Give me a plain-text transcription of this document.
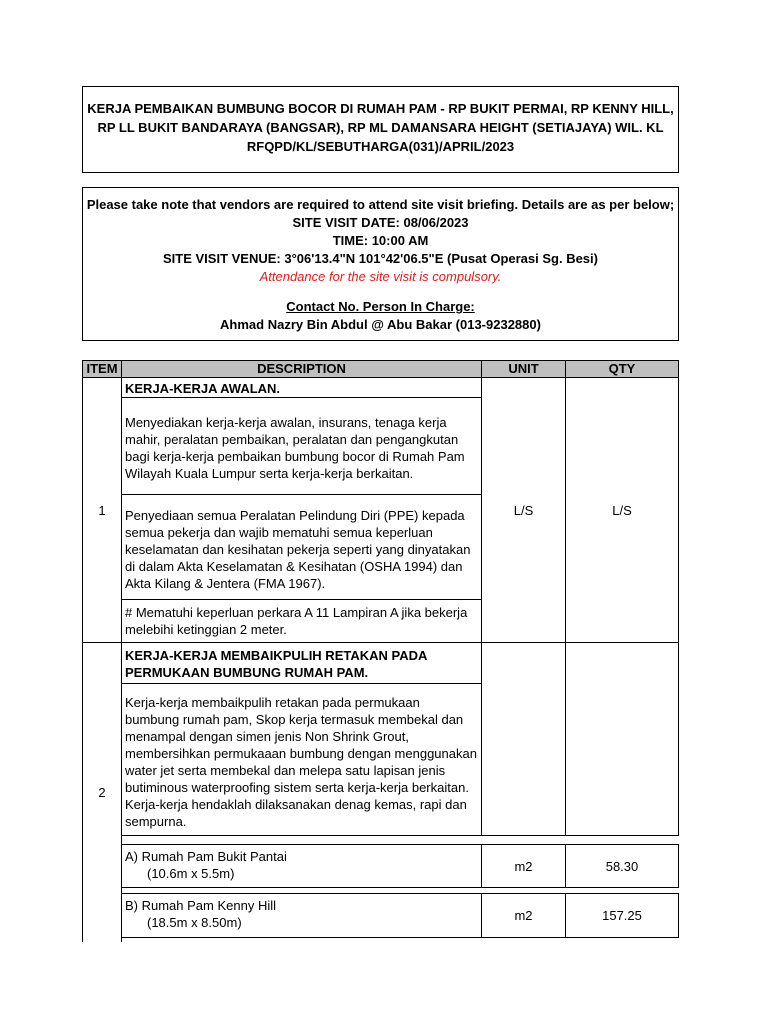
KERJA PEMBAIKAN BUMBUNG BOCOR DI RUMAH PAM - RP BUKIT PERMAI, RP KENNY HILL,
RP LL BUKIT BANDARAYA (BANGSAR), RP ML DAMANSARA HEIGHT (SETIAJAYA) WIL. KL
RFQPD/KL/SEBUTHARGA(031)/APRIL/2023
Please take note that vendors are required to attend site visit briefing. Details are as per below;
SITE VISIT DATE: 08/06/2023
TIME: 10:00 AM
SITE VISIT VENUE: 3°06'13.4"N 101°42'06.5"E (Pusat Operasi Sg. Besi)
Attendance for the site visit is compulsory.
Contact No. Person In Charge:
Ahmad Nazry Bin Abdul @ Abu Bakar (013-9232880)
ITEM	DESCRIPTION	UNIT	QTY
1
KERJA-KERJA AWALAN.
Menyediakan kerja-kerja awalan, insurans, tenaga kerja
mahir, peralatan pembaikan, peralatan dan pengangkutan
bagi kerja-kerja pembaikan bumbung bocor di Rumah Pam
Wilayah Kuala Lumpur serta kerja-kerja berkaitan.
Penyediaan semua Peralatan Pelindung Diri (PPE) kepada
semua pekerja dan wajib mematuhi semua keperluan
keselamatan dan kesihatan pekerja seperti yang dinyatakan
di dalam Akta Keselamatan & Kesihatan (OSHA 1994) dan
Akta Kilang & Jentera (FMA 1967).
# Mematuhi keperluan perkara A 11 Lampiran A jika bekerja
melebihi ketinggian 2 meter.
L/S	L/S
2
KERJA-KERJA MEMBAIKPULIH RETAKAN PADA
PERMUKAAN BUMBUNG RUMAH PAM.
Kerja-kerja membaikpulih retakan pada permukaan
bumbung rumah pam, Skop kerja termasuk membekal dan
menampal dengan simen jenis Non Shrink Grout,
membersihkan permukaaan bumbung dengan menggunakan
water jet serta membekal dan melepa satu lapisan jenis
butiminous waterproofing sistem serta kerja-kerja berkaitan.
Kerja-kerja hendaklah dilaksanakan denag kemas, rapi dan
sempurna.
A) Rumah Pam Bukit Pantai
(10.6m x 5.5m)	m2	58.30
B) Rumah Pam Kenny Hill
(18.5m x 8.50m)	m2	157.25
